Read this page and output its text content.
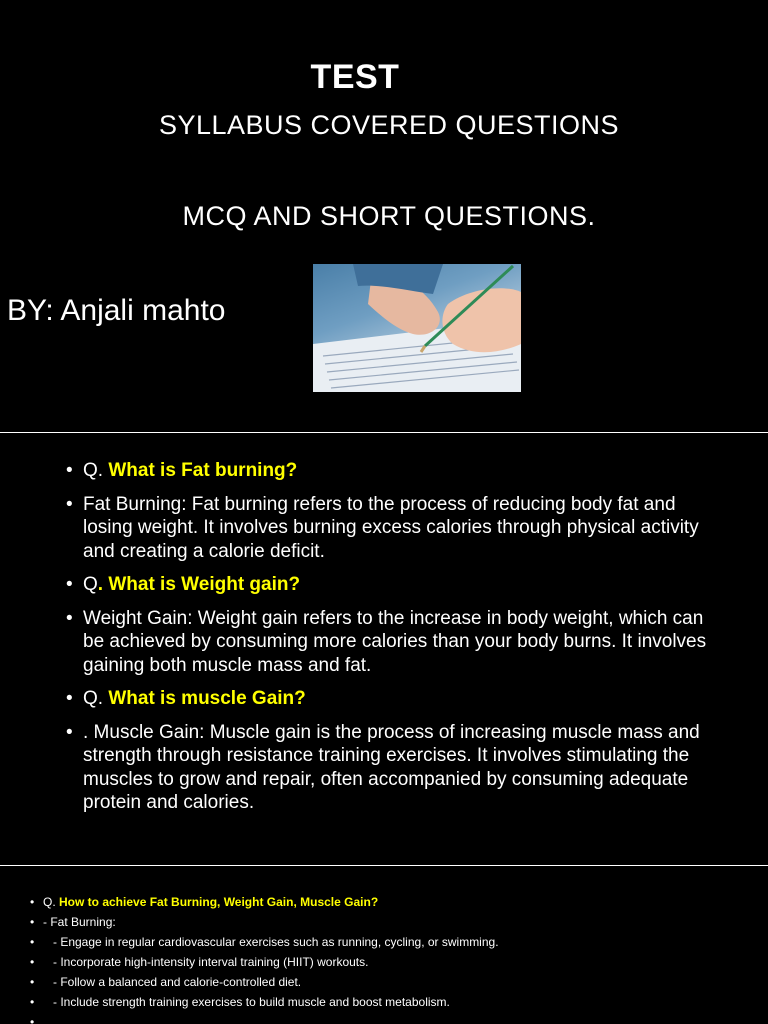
TEST
SYLLABUS COVERED QUESTIONS
MCQ AND SHORT QUESTIONS.
BY: Anjali mahto
• Q. What is Fat burning?
• Fat Burning: Fat burning refers to the process of reducing body fat and losing weight. It involves burning excess calories through physical activity and creating a calorie deficit.
• Q. What is Weight gain?
• Weight Gain: Weight gain refers to the increase in body weight, which can be achieved by consuming more calories than your body burns. It involves gaining both muscle mass and fat.
• Q. What is muscle Gain?
• . Muscle Gain: Muscle gain is the process of increasing muscle mass and strength through resistance training exercises. It involves stimulating the muscles to grow and repair, often accompanied by consuming adequate protein and calories.
• Q. How to achieve Fat Burning, Weight Gain, Muscle Gain?
• - Fat Burning:
•    - Engage in regular cardiovascular exercises such as running, cycling, or swimming.
•    - Incorporate high-intensity interval training (HIIT) workouts.
•    - Follow a balanced and calorie-controlled diet.
•    - Include strength training exercises to build muscle and boost metabolism.
•
